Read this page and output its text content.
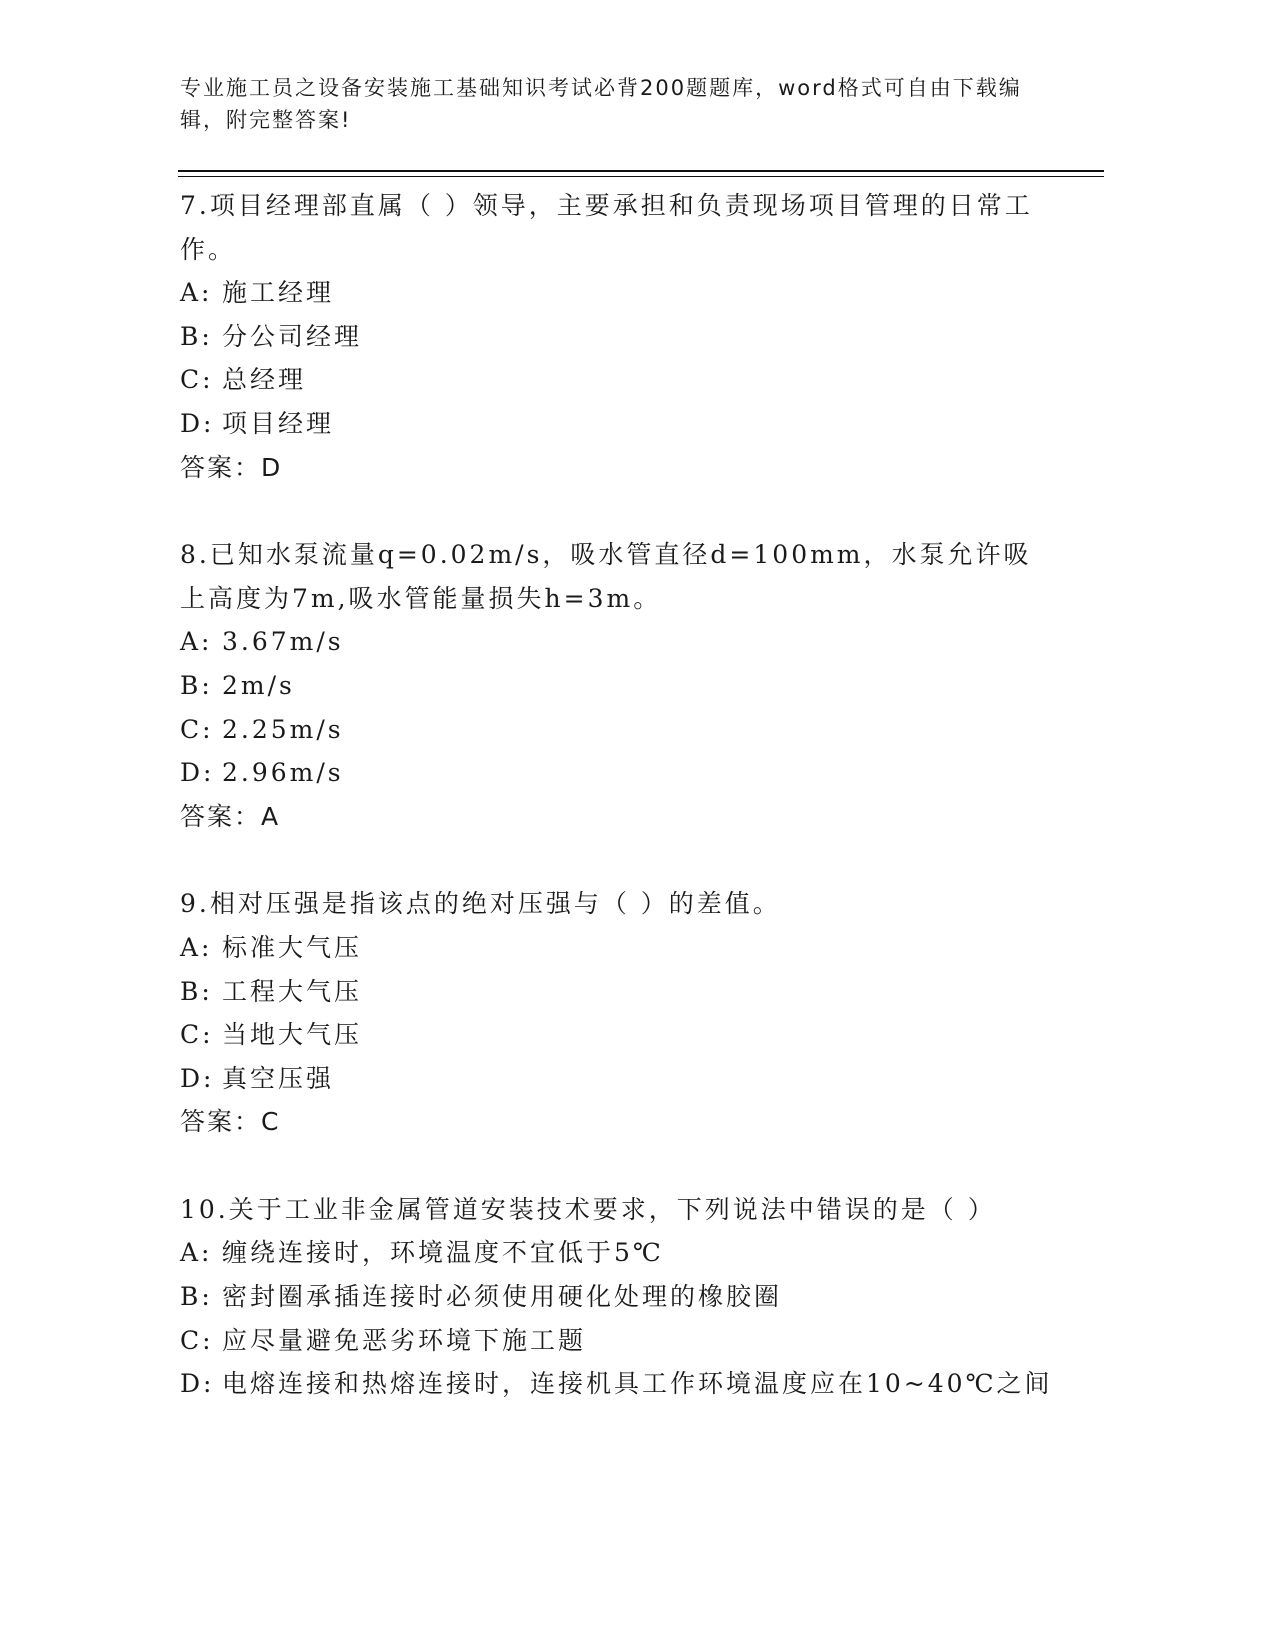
专业施工员之设备安装施工基础知识考试必背200题题库，word格式可自由下载编辑，附完整答案!

7.项目经理部直属（ ）领导，主要承担和负责现场项目管理的日常工作。

A: 施工经理
B: 分公司经理
C: 总经理
D: 项目经理
答案：D

8.已知水泵流量q=0.02m/s，吸水管直径d=100mm，水泵允许吸上高度为7m,吸水管能量损失h=3m。

A: 3.67m/s
B: 2m/s
C: 2.25m/s
D: 2.96m/s
答案：A

9.相对压强是指该点的绝对压强与（ ）的差值。

A: 标准大气压
B: 工程大气压
C: 当地大气压
D: 真空压强
答案：C

10.关于工业非金属管道安装技术要求，下列说法中错误的是（ ）

A: 缠绕连接时，环境温度不宜低于5℃
B: 密封圈承插连接时必须使用硬化处理的橡胶圈
C: 应尽量避免恶劣环境下施工题
D: 电熔连接和热熔连接时，连接机具工作环境温度应在10~40℃之间
